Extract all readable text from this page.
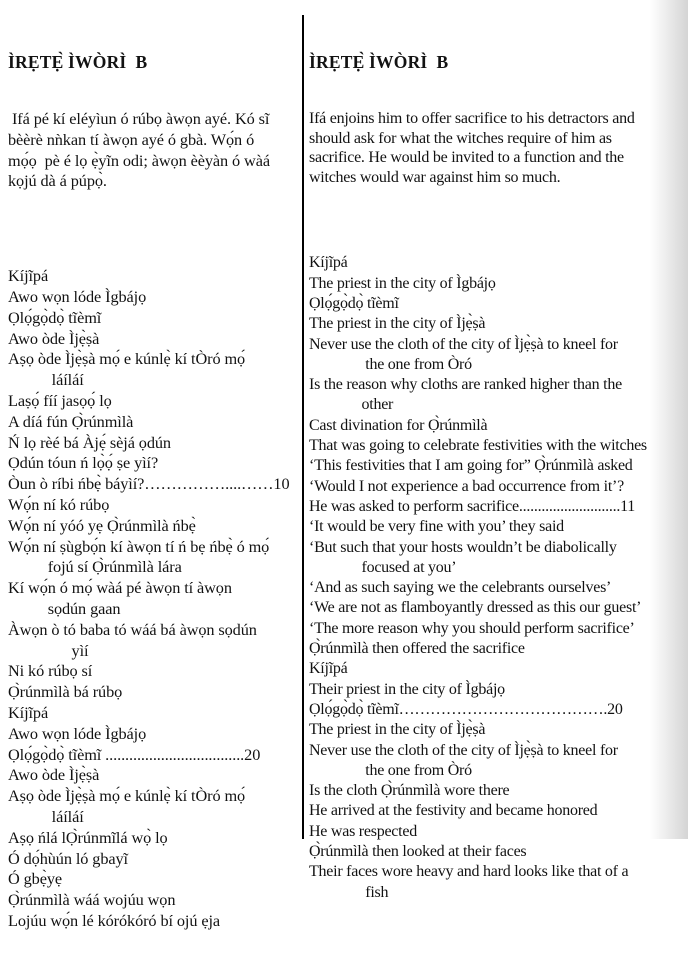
ÌRẸTẸ̀ ÌWÒRÌ  B

Ifá pé kí eléyìun ó rúbọ àwọn ayé. Kó sĩ
bèèrè nǹkan tí àwọn ayé ó gbà. Wọ́n ó
mọ́ọ  pè é lọ ẹ̀yĩn odi; àwọn èèyàn ó wàá
kọjú dà á púpọ̀.

Kíjĩpá
Awo wọn lóde Ìgbájọ
Ọlọ́gọ̀dọ̀ tĩèmĩ
Awo òde Ìjẹ̀ṣà
Aṣọ òde Ìjẹ̀ṣà mọ́ e kúnlẹ̀ kí tÒró mọ́
láíláí
Laṣọ́ fíí jasọọ́ lọ
A díá fún Ọ̀rúnmìlà
Ń lọ rèé bá Àjẹ́ sèjá ọdún
Ọdún tóun ń lọ̀ọ́ ṣe yìí?
Òun ò ríbi ńbẹ̀ báyìí?……………....……10
Wọ́n ní kó rúbọ
Wọ́n ní yóó yẹ Ọ̀rúnmìlà ńbẹ̀
Wọ́n ní ṣùgbọ́n kí àwọn tí ń bẹ ńbẹ̀ ó mọ́
fojú sí Ọ̀rúnmìlà lára
Kí wọ́n ó mọ́ wàá pé àwọn tí àwọn
sọdún gaan
Àwọn ò tó baba tó wáá bá àwọn sọdún
yìí
Ni kó rúbọ sí
Ọ̀rúnmìlà bá rúbọ
Kíjĩpá
Awo wọn lóde Ìgbájọ
Ọlọ́gọ̀dọ̀ tĩèmĩ ...................................20
Awo òde Ìjẹ̀ṣà
Aṣọ òde Ìjẹ̀ṣà mọ́ e kúnlẹ̀ kí tÒró mọ́
láíláí
Aṣọ ńlá lỌ̀rúnmĩlá wọ̀ lọ
Ó dọ́hùún ló gbayĩ
Ó gbẹ̀yẹ
Ọ̀rúnmìlà wáá wojúu wọn
Lojúu wọ́n lé kórókóró bí ojú ẹja

ÌRẸTẸ̀ ÌWÒRÌ  B

Ifá enjoins him to offer sacrifice to his detractors and
should ask for what the witches require of him as
sacrifice. He would be invited to a function and the
witches would war against him so much.

Kíjĩpá
The priest in the city of Ìgbájọ
Ọlọ́gọ̀dọ̀ tĩèmĩ
The priest in the city of Ìjẹ̀ṣà
Never use the cloth of the city of Ìjẹ̀ṣà to kneel for
the one from Òró
Is the reason why cloths are ranked higher than the
other
Cast divination for Ọ̀rúnmìlà
That was going to celebrate festivities with the witches
‘This festivities that I am going for” Ọ̀rúnmìlà asked
‘Would I not experience a bad occurrence from it’?
He was asked to perform sacrifice...........................11
‘It would be very fine with you’ they said
‘But such that your hosts wouldn’t be diabolically
focused at you’
‘And as such saying we the celebrants ourselves’
‘We are not as flamboyantly dressed as this our guest’
‘The more reason why you should perform sacrifice’
Ọ̀rúnmìlà then offered the sacrifice
Kíjĩpá
Their priest in the city of Ìgbájọ
Ọlọ́gọ̀dọ̀ tĩèmĩ………………………………….20
The priest in the city of Ìjẹ̀ṣà
Never use the cloth of the city of Ìjẹ̀ṣà to kneel for
the one from Òró
Is the cloth Ọ̀rúnmìlà wore there
He arrived at the festivity and became honored
He was respected
Ọ̀rúnmìlà then looked at their faces
Their faces wore heavy and hard looks like that of a
fish
